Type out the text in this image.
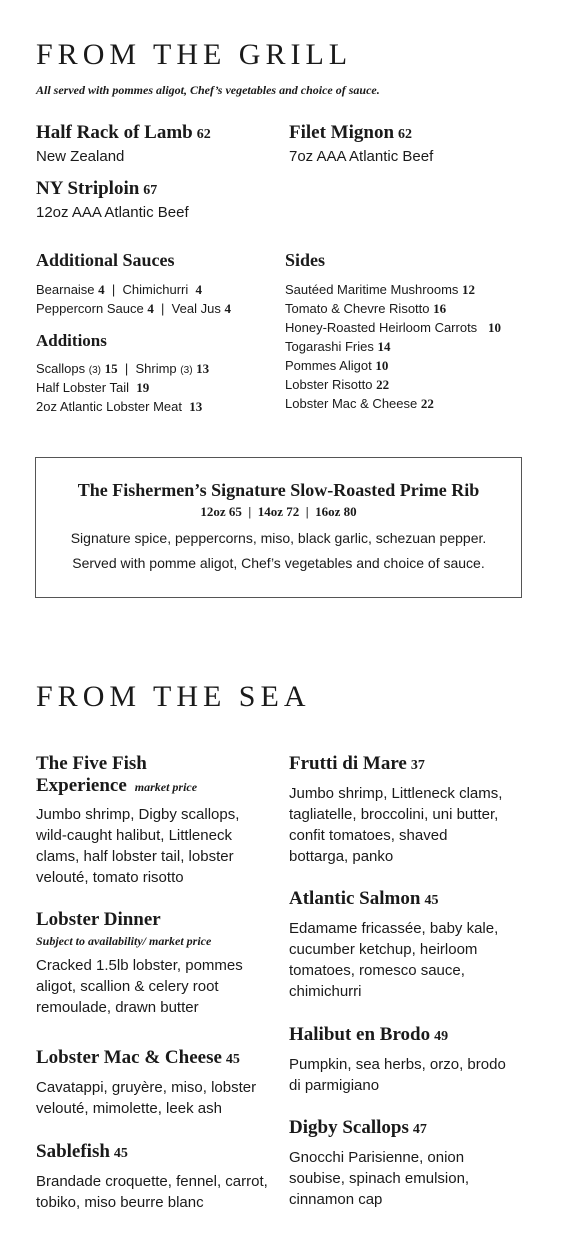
FROM THE GRILL
All served with pommes aligot, Chef’s vegetables and choice of sauce.
Half Rack of Lamb 62
New Zealand
Filet Mignon 62
7oz AAA Atlantic Beef
NY Striploin 67
12oz AAA Atlantic Beef
Additional Sauces
Bearnaise 4 | Chimichurri 4
Peppercorn Sauce 4 | Veal Jus 4
Additions
Scallops (3) 15 | Shrimp (3) 13
Half Lobster Tail 19
2oz Atlantic Lobster Meat 13
Sides
Sautéed Maritime Mushrooms 12
Tomato & Chevre Risotto 16
Honey-Roasted Heirloom Carrots 10
Togarashi Fries 14
Pommes Aligot 10
Lobster Risotto 22
Lobster Mac & Cheese 22
The Fishermen’s Signature Slow-Roasted Prime Rib
12oz 65  |  14oz 72  |  16oz 80
Signature spice, peppercorns, miso, black garlic, schezuan pepper.
Served with pomme aligot, Chef’s vegetables and choice of sauce.
FROM THE SEA
The Five Fish
Experience market price
Jumbo shrimp, Digby scallops, wild-caught halibut, Littleneck clams, half lobster tail, lobster velouté, tomato risotto
Lobster Dinner
Subject to availability/ market price
Cracked 1.5lb lobster, pommes aligot, scallion & celery root remoulade, drawn butter
Lobster Mac & Cheese 45
Cavatappi, gruyère, miso, lobster velouté, mimolette, leek ash
Sablefish 45
Brandade croquette, fennel, carrot, tobiko, miso beurre blanc
Frutti di Mare 37
Jumbo shrimp, Littleneck clams, tagliatelle, broccolini, uni butter, confit tomatoes, shaved bottarga, panko
Atlantic Salmon 45
Edamame fricassée, baby kale, cucumber ketchup, heirloom tomatoes, romesco sauce, chimichurri
Halibut en Brodo 49
Pumpkin, sea herbs, orzo, brodo di parmigiano
Digby Scallops 47
Gnocchi Parisienne, onion soubise, spinach emulsion, cinnamon cap
